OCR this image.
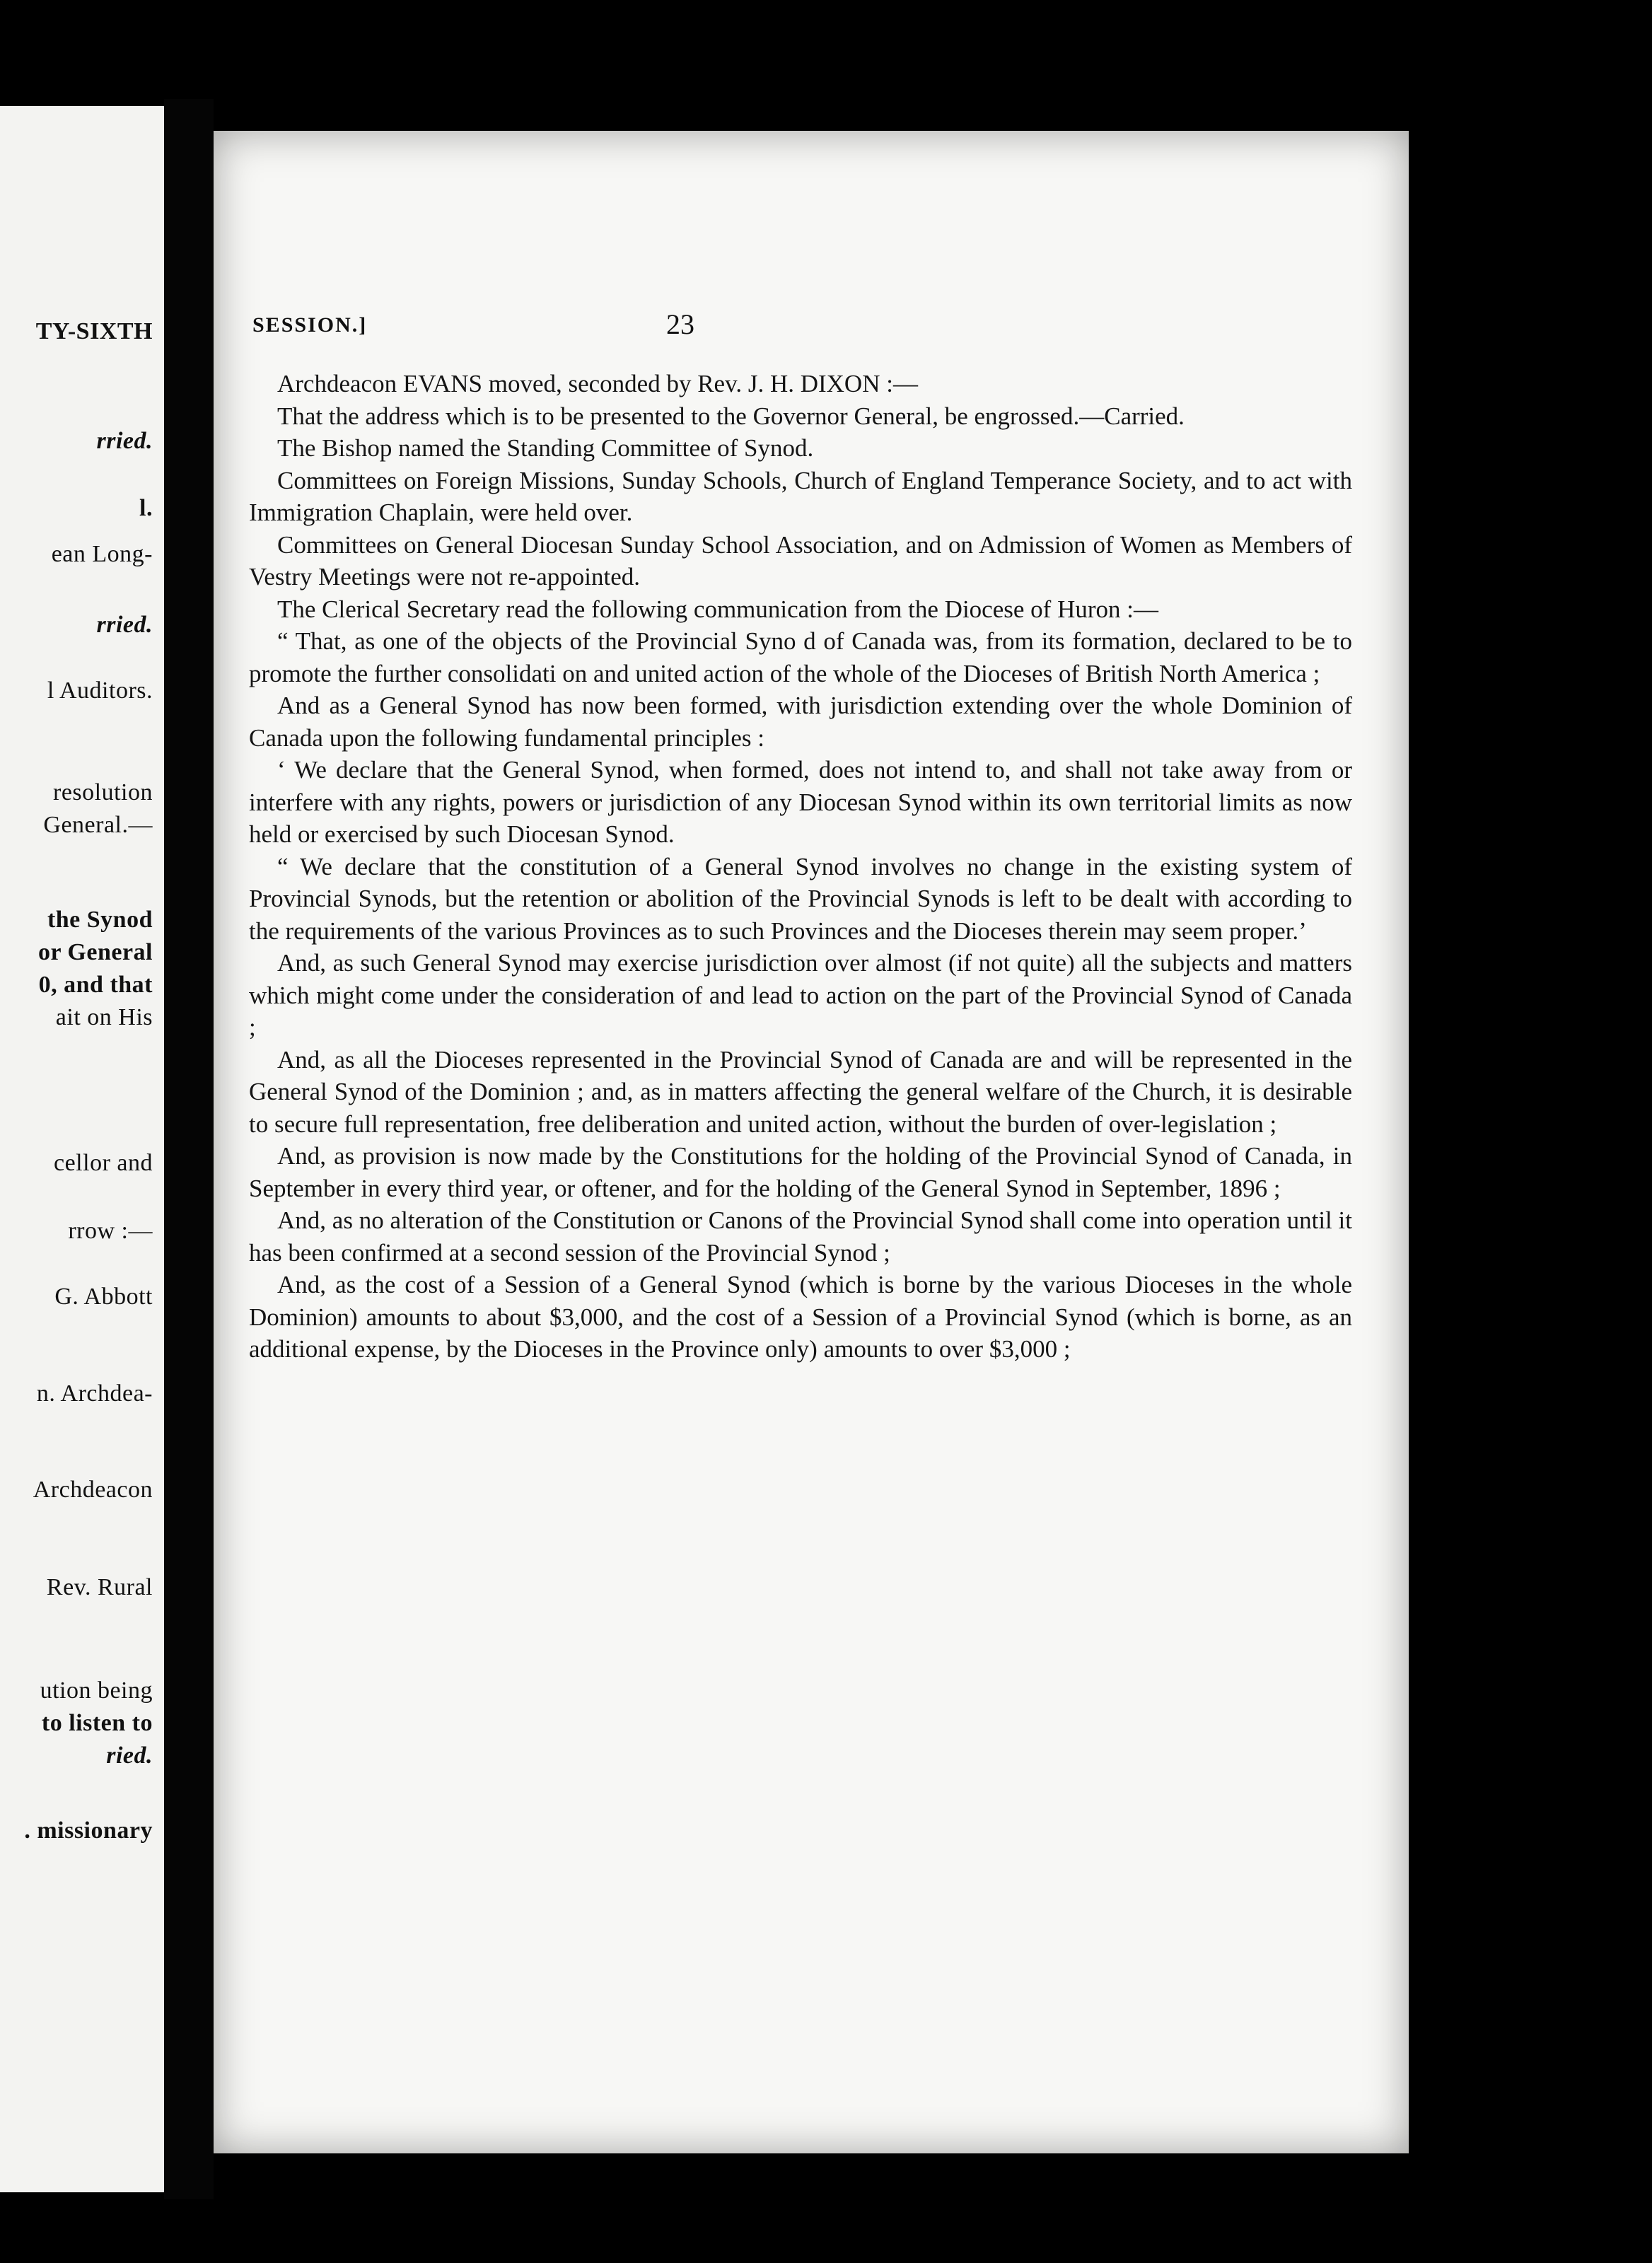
TY-SIXTH
rried.
l.
ean Long-
rried.
l Auditors.
resolution
General.—
the Synod
or General
0, and that
ait on His
cellor and
rrow :—
G. Abbott
n. Archdea-
Archdeacon
Rev. Rural
ution being
to listen to
ried.
. missionary
SESSION.]	23

Archdeacon EVANS moved, seconded by Rev. J. H. DIXON :—

That the address which is to be presented to the Governor General, be engrossed.—Carried.

The Bishop named the Standing Committee of Synod.

Committees on Foreign Missions, Sunday Schools, Church of England Temperance Society, and to act with Immigration Chaplain, were held over.

Committees on General Diocesan Sunday School Association, and on Admission of Women as Members of Vestry Meetings were not re-appointed.

The Clerical Secretary read the following communication from the Diocese of Huron :—

“ That, as one of the objects of the Provincial Syno d of Canada was, from its formation, declared to be to promote the further consolidati on and united action of the whole of the Dioceses of British North America ;

And as a General Synod has now been formed, with jurisdiction extending over the whole Dominion of Canada upon the following fundamental principles :

‘ We declare that the General Synod, when formed, does not intend to, and shall not take away from or interfere with any rights, powers or jurisdiction of any Diocesan Synod within its own territorial limits as now held or exercised by such Diocesan Synod.

“ We declare that the constitution of a General Synod involves no change in the existing system of Provincial Synods, but the retention or abolition of the Provincial Synods is left to be dealt with according to the requirements of the various Provinces as to such Provinces and the Dioceses therein may seem proper.’

And, as such General Synod may exercise jurisdiction over almost (if not quite) all the subjects and matters which might come under the consideration of and lead to action on the part of the Provincial Synod of Canada ;

And, as all the Dioceses represented in the Provincial Synod of Canada are and will be represented in the General Synod of the Dominion ; and, as in matters affecting the general welfare of the Church, it is desirable to secure full representation, free deliberation and united action, without the burden of over-legislation ;

And, as provision is now made by the Constitutions for the holding of the Provincial Synod of Canada, in September in every third year, or oftener, and for the holding of the General Synod in September, 1896 ;

And, as no alteration of the Constitution or Canons of the Provincial Synod shall come into operation until it has been confirmed at a second session of the Provincial Synod ;

And, as the cost of a Session of a General Synod (which is borne by the various Dioceses in the whole Dominion) amounts to about $3,000, and the cost of a Session of a Provincial Synod (which is borne, as an additional expense, by the Dioceses in the Province only) amounts to over $3,000 ;
